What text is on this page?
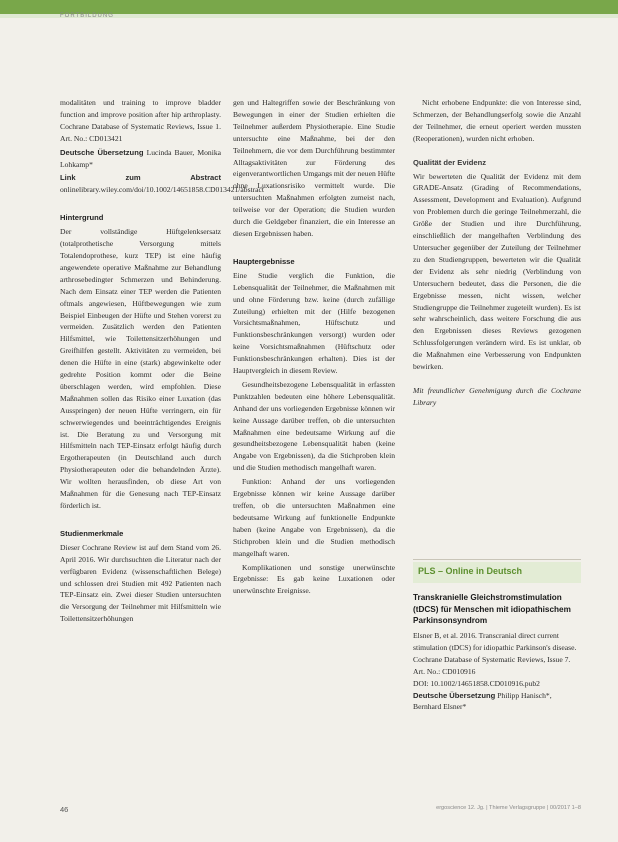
FORTBILDUNG

modalitäten und training to improve bladder function and improve position after hip arthroplasty. Cochrane Database of Systematic Reviews, Issue 1. Art. No.: CD013421

Deutsche Übersetzung Lucinda Bauer, Monika Lohkamp*

Link zum Abstract onlinelibrary.wiley.com/doi/10.1002/14651858.CD013421/abstract

Hintergrund

Der vollständige Hüftgelenksersatz (totalprothetische Versorgung mittels Totalendoprothese, kurz TEP) ist eine häufig angewendete operative Maßnahme zur Behandlung arthrosebedingter Schmerzen und Behinderung. Nach dem Einsatz einer TEP werden die Patienten oftmals angewiesen, Hüftbewegungen wie zum Beispiel Einbeugen der Hüfte und Stehen vorerst zu vermeiden. Zusätzlich werden den Patienten Hilfsmittel, wie Toilettensitzerhöhungen und Greifhilfen gestellt. Aktivitäten zu vermeiden, bei denen die Hüfte in eine (stark) abgewinkelte oder gedrehte Position kommt oder die Beine überschlagen werden, wird empfohlen. Diese Maßnahmen sollen das Risiko einer Luxation (das Ausspringen) der neuen Hüfte verringern, ein für schwerwiegendes und beeinträchtigendes Ereignis ist. Die Beratung zu und Versorgung mit Hilfsmitteln nach TEP-Einsatz erfolgt häufig durch Ergotherapeuten (in Deutschland auch durch Physiotherapeuten oder die behandelnden Ärzte). Wir wollten herausfinden, ob diese Art von Maßnahmen für die Genesung nach TEP-Einsatz förderlich ist.

Studienmerkmale

Dieser Cochrane Review ist auf dem Stand vom 26. April 2016. Wir durchsuchten die Literatur nach der verfügbaren Evidenz (wissenschaftlichen Belege) und schlossen drei Studien mit 492 Patienten nach TEP-Einsatz ein. Zwei dieser Studien untersuchten die Versorgung der Teilnehmer mit Hilfsmitteln wie Toilettensitzerhöhungen

gen und Haltegriffen sowie der Beschränkung von Bewegungen in einer der Studien erhielten die Teilnehmer außerdem Physiotherapie. Eine Studie untersuchte eine Maßnahme, bei der den Teilnehmern, die vor dem Durchführung bestimmter Alltagsaktivitäten zur Förderung des eigenverantwortlichen Umgangs mit der neuen Hüfte ohne Luxationsrisiko vermittelt wurde. Die untersuchten Maßnahmen erfolgten zumeist nach, teilweise vor der Operation; die Studien wurden durch die Geldgeber finanziert, die ein Interesse an diesen Ergebnissen haben.

Hauptergebnisse

Eine Studie verglich die Funktion, die Lebensqualität der Teilnehmer, die Maßnahmen mit und ohne Förderung bzw. keine (durch zufällige Zuteilung) erhielten mit der (Hilfe bezogenen Vorsichtsmaßnahmen, Hüftschutz und Funktionsbeschränkungen versorgt) wurden oder keine Vorsichtsmaßnahmen (Hüftschutz oder Funktionsbeschränkungen erhalten). Dies ist der Hauptvergleich in diesem Review.

Gesundheitsbezogene Lebensqualität in erfassten Punktzahlen bedeuten eine höhere Lebensqualität. Anhand der uns vorliegenden Ergebnisse können wir keine Aussage darüber treffen, ob die untersuchten Maßnahmen eine bedeutsame Wirkung auf die gesundheitsbezogene Lebensqualität haben (keine Angabe von Ergebnissen), da die Stichproben klein und die Studien methodisch mangelhaft waren.

Funktion: Anhand der uns vorliegenden Ergebnisse können wir keine Aussage darüber treffen, ob die untersuchten Maßnahmen eine bedeutsame Wirkung auf funktionelle Endpunkte haben (keine Angabe von Ergebnissen), da die Stichproben klein und die Studien methodisch mangelhaft waren.

Komplikationen und sonstige unerwünschte Ergebnisse: Es gab keine Luxationen oder unerwünschte Ereignisse.

Nicht erhobene Endpunkte: die von Interesse sind, Schmerzen, der Behandlungserfolg sowie die Anzahl der Teilnehmer, die erneut operiert werden mussten (Reoperationen), wurden nicht erhoben.

Qualität der Evidenz

Wir bewerteten die Qualität der Evidenz mit dem GRADE-Ansatz (Grading of Recommendations, Assessment, Development and Evaluation). Aufgrund von Problemen durch die geringe Teilnehmerzahl, die Größe der Studien und ihre Durchführung, einschließlich der mangelhaften Verblindung des Untersucher gegenüber der Zuteilung der Teilnehmer zu den Studiengruppen, bewerteten wir die Qualität der Evidenz als sehr niedrig (Verblindung von Untersuchern bedeutet, dass die Personen, die die Ergebnisse messen, nicht wissen, welcher Studiengruppe die Teilnehmer zugeteilt wurden). Es ist sehr wahrscheinlich, dass weitere Forschung die aus den Ergebnissen dieses Reviews gezogenen Schlussfolgerungen verändern wird. Es ist unklar, ob die Maßnahmen eine Verbesserung von Endpunkten bewirken.

Mit freundlicher Genehmigung durch die Cochrane Library

PLS – Online in Deutsch
Transkranielle Gleichstromstimulation (tDCS) für Menschen mit idiopathischem Parkinsonsyndrom

Elsner B, et al. 2016. Transcranial direct current stimulation (tDCS) for idiopathic Parkinson's disease. Cochrane Database of Systematic Reviews, Issue 7. Art. No.: CD010916

DOI: 10.1002/14651858.CD010916.pub2

Deutsche Übersetzung Philipp Hanisch*, Bernhard Elsner*

46	ergoscience 12. Jg. | Thieme Verlagsgruppe | 00/2017 1–8
